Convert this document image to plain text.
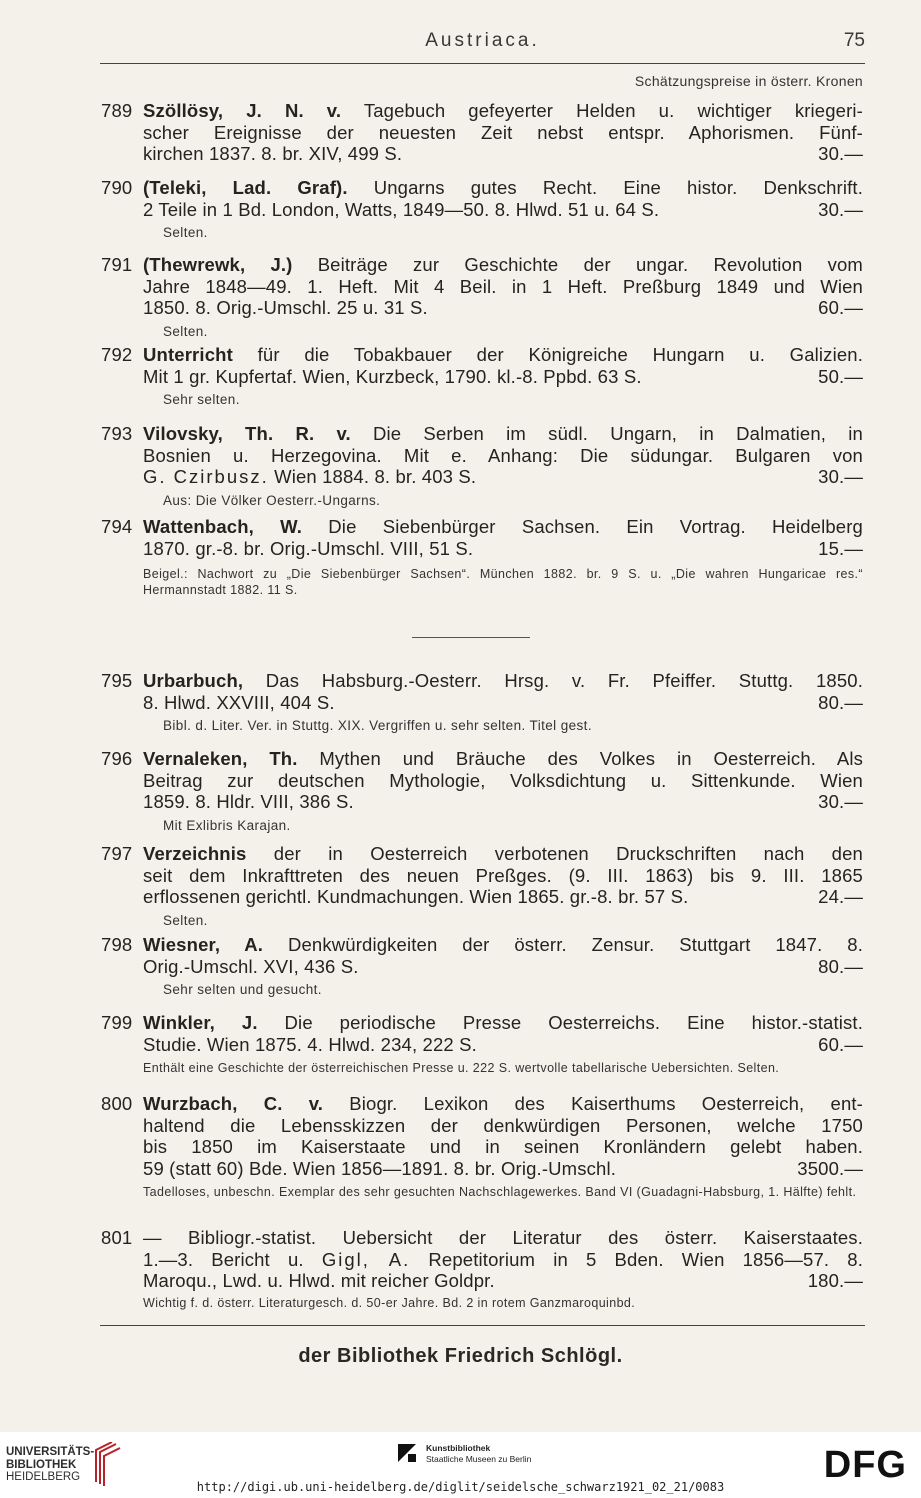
Austriaca.	75
Schätzungspreise in österr. Kronen
789 Szöllösy, J. N. v. Tagebuch gefeyerter Helden u. wichtiger kriegeri-
scher Ereignisse der neuesten Zeit nebst entspr. Aphorismen. Fünf-
kirchen 1837. 8. br. XIV, 499 S.	30.—
790 (Teleki, Lad. Graf). Ungarns gutes Recht. Eine histor. Denkschrift.
2 Teile in 1 Bd. London, Watts, 1849—50. 8. Hlwd. 51 u. 64 S.	30.—
Selten.
791 (Thewrewk, J.) Beiträge zur Geschichte der ungar. Revolution vom
Jahre 1848—49. 1. Heft. Mit 4 Beil. in 1 Heft. Preßburg 1849 und Wien
1850. 8. Orig.-Umschl. 25 u. 31 S.	60.—
Selten.
792 Unterricht für die Tobakbauer der Königreiche Hungarn u. Galizien.
Mit 1 gr. Kupfertaf. Wien, Kurzbeck, 1790. kl.-8. Ppbd. 63 S.	50.—
Sehr selten.
793 Vilovsky, Th. R. v. Die Serben im südl. Ungarn, in Dalmatien, in
Bosnien u. Herzegovina. Mit e. Anhang: Die südungar. Bulgaren von
G. Czirbusz. Wien 1884. 8. br. 403 S.	30.—
Aus: Die Völker Oesterr.-Ungarns.
794 Wattenbach, W. Die Siebenbürger Sachsen. Ein Vortrag. Heidelberg
1870. gr.-8. br. Orig.-Umschl. VIII, 51 S.	15.—
Beigel.: Nachwort zu „Die Siebenbürger Sachsen“. München 1882. br. 9 S. u. „Die wahren Hungaricae res.“ Hermannstadt 1882. 11 S.
795 Urbarbuch, Das Habsburg.-Oesterr. Hrsg. v. Fr. Pfeiffer. Stuttg. 1850.
8. Hlwd. XXVIII, 404 S.	80.—
Bibl. d. Liter. Ver. in Stuttg. XIX. Vergriffen u. sehr selten. Titel gest.
796 Vernaleken, Th. Mythen und Bräuche des Volkes in Oesterreich. Als
Beitrag zur deutschen Mythologie, Volksdichtung u. Sittenkunde. Wien
1859. 8. Hldr. VIII, 386 S.	30.—
Mit Exlibris Karajan.
797 Verzeichnis der in Oesterreich verbotenen Druckschriften nach den
seit dem Inkrafttreten des neuen Preßges. (9. III. 1863) bis 9. III. 1865
erflossenen gerichtl. Kundmachungen. Wien 1865. gr.-8. br. 57 S.	24.—
Selten.
798 Wiesner, A. Denkwürdigkeiten der österr. Zensur. Stuttgart 1847. 8.
Orig.-Umschl. XVI, 436 S.	80.—
Sehr selten und gesucht.
799 Winkler, J. Die periodische Presse Oesterreichs. Eine histor.-statist.
Studie. Wien 1875. 4. Hlwd. 234, 222 S.	60.—
Enthält eine Geschichte der österreichischen Presse u. 222 S. wertvolle tabellarische Uebersichten. Selten.
800 Wurzbach, C. v. Biogr. Lexikon des Kaiserthums Oesterreich, ent-
haltend die Lebensskizzen der denkwürdigen Personen, welche 1750
bis 1850 im Kaiserstaate und in seinen Kronländern gelebt haben.
59 (statt 60) Bde. Wien 1856—1891. 8. br. Orig.-Umschl.	3500.—
Tadelloses, unbeschn. Exemplar des sehr gesuchten Nachschlagewerkes. Band VI (Guadagni-Habsburg, 1. Hälfte) fehlt.
801 — Bibliogr.-statist. Uebersicht der Literatur des österr. Kaiserstaates.
1.—3. Bericht u. Gigl, A. Repetitorium in 5 Bden. Wien 1856—57. 8.
Maroqu., Lwd. u. Hlwd. mit reicher Goldpr.	180.—
Wichtig f. d. österr. Literaturgesch. d. 50-er Jahre. Bd. 2 in rotem Ganzmaroquinbd.
der Bibliothek Friedrich Schlögl.
UNIVERSITÄTS-
BIBLIOTHEK
HEIDELBERG
Kunstbibliothek
Staatliche Museen zu Berlin	DFG
http://digi.ub.uni-heidelberg.de/diglit/seidelsche_schwarz1921_02_21/0083
